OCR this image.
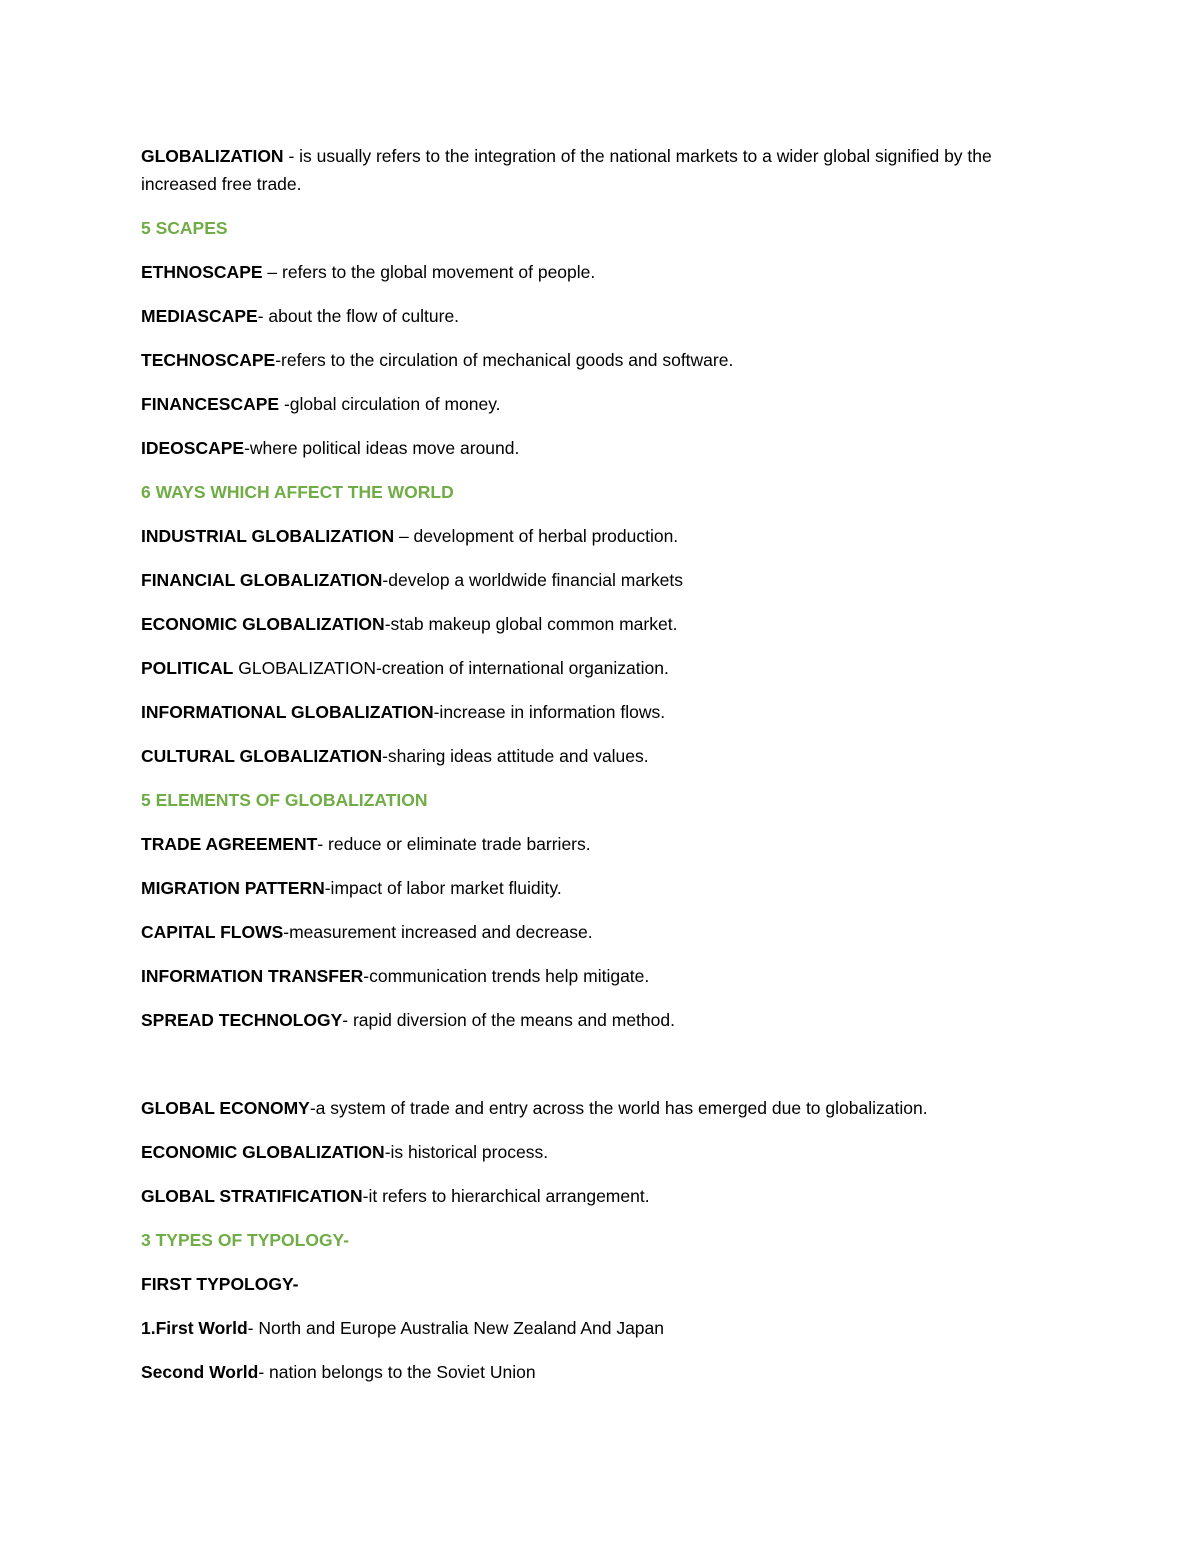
GLOBALIZATION - is usually refers to the integration of the national markets to a wider global signified by the increased free trade.

5 SCAPES

ETHNOSCAPE – refers to the global movement of people.

MEDIASCAPE- about the flow of culture.

TECHNOSCAPE-refers to the circulation of mechanical goods and software.

FINANCESCAPE -global circulation of money.

IDEOSCAPE-where political ideas move around.

6 WAYS WHICH AFFECT THE WORLD

INDUSTRIAL GLOBALIZATION – development of herbal production.

FINANCIAL GLOBALIZATION-develop a worldwide financial markets

ECONOMIC GLOBALIZATION-stab makeup global common market.

POLITICAL GLOBALIZATION-creation of international organization.

INFORMATIONAL GLOBALIZATION-increase in information flows.

CULTURAL GLOBALIZATION-sharing ideas attitude and values.

5 ELEMENTS OF GLOBALIZATION

TRADE AGREEMENT- reduce or eliminate trade barriers.

MIGRATION PATTERN-impact of labor market fluidity.

CAPITAL FLOWS-measurement increased and decrease.

INFORMATION TRANSFER-communication trends help mitigate.

SPREAD TECHNOLOGY- rapid diversion of the means and method.

GLOBAL ECONOMY-a system of trade and entry across the world has emerged due to globalization.

ECONOMIC GLOBALIZATION-is historical process.

GLOBAL STRATIFICATION-it refers to hierarchical arrangement.

3 TYPES OF TYPOLOGY-

FIRST TYPOLOGY-

1.First World- North and Europe Australia New Zealand And Japan

Second World- nation belongs to the Soviet Union
